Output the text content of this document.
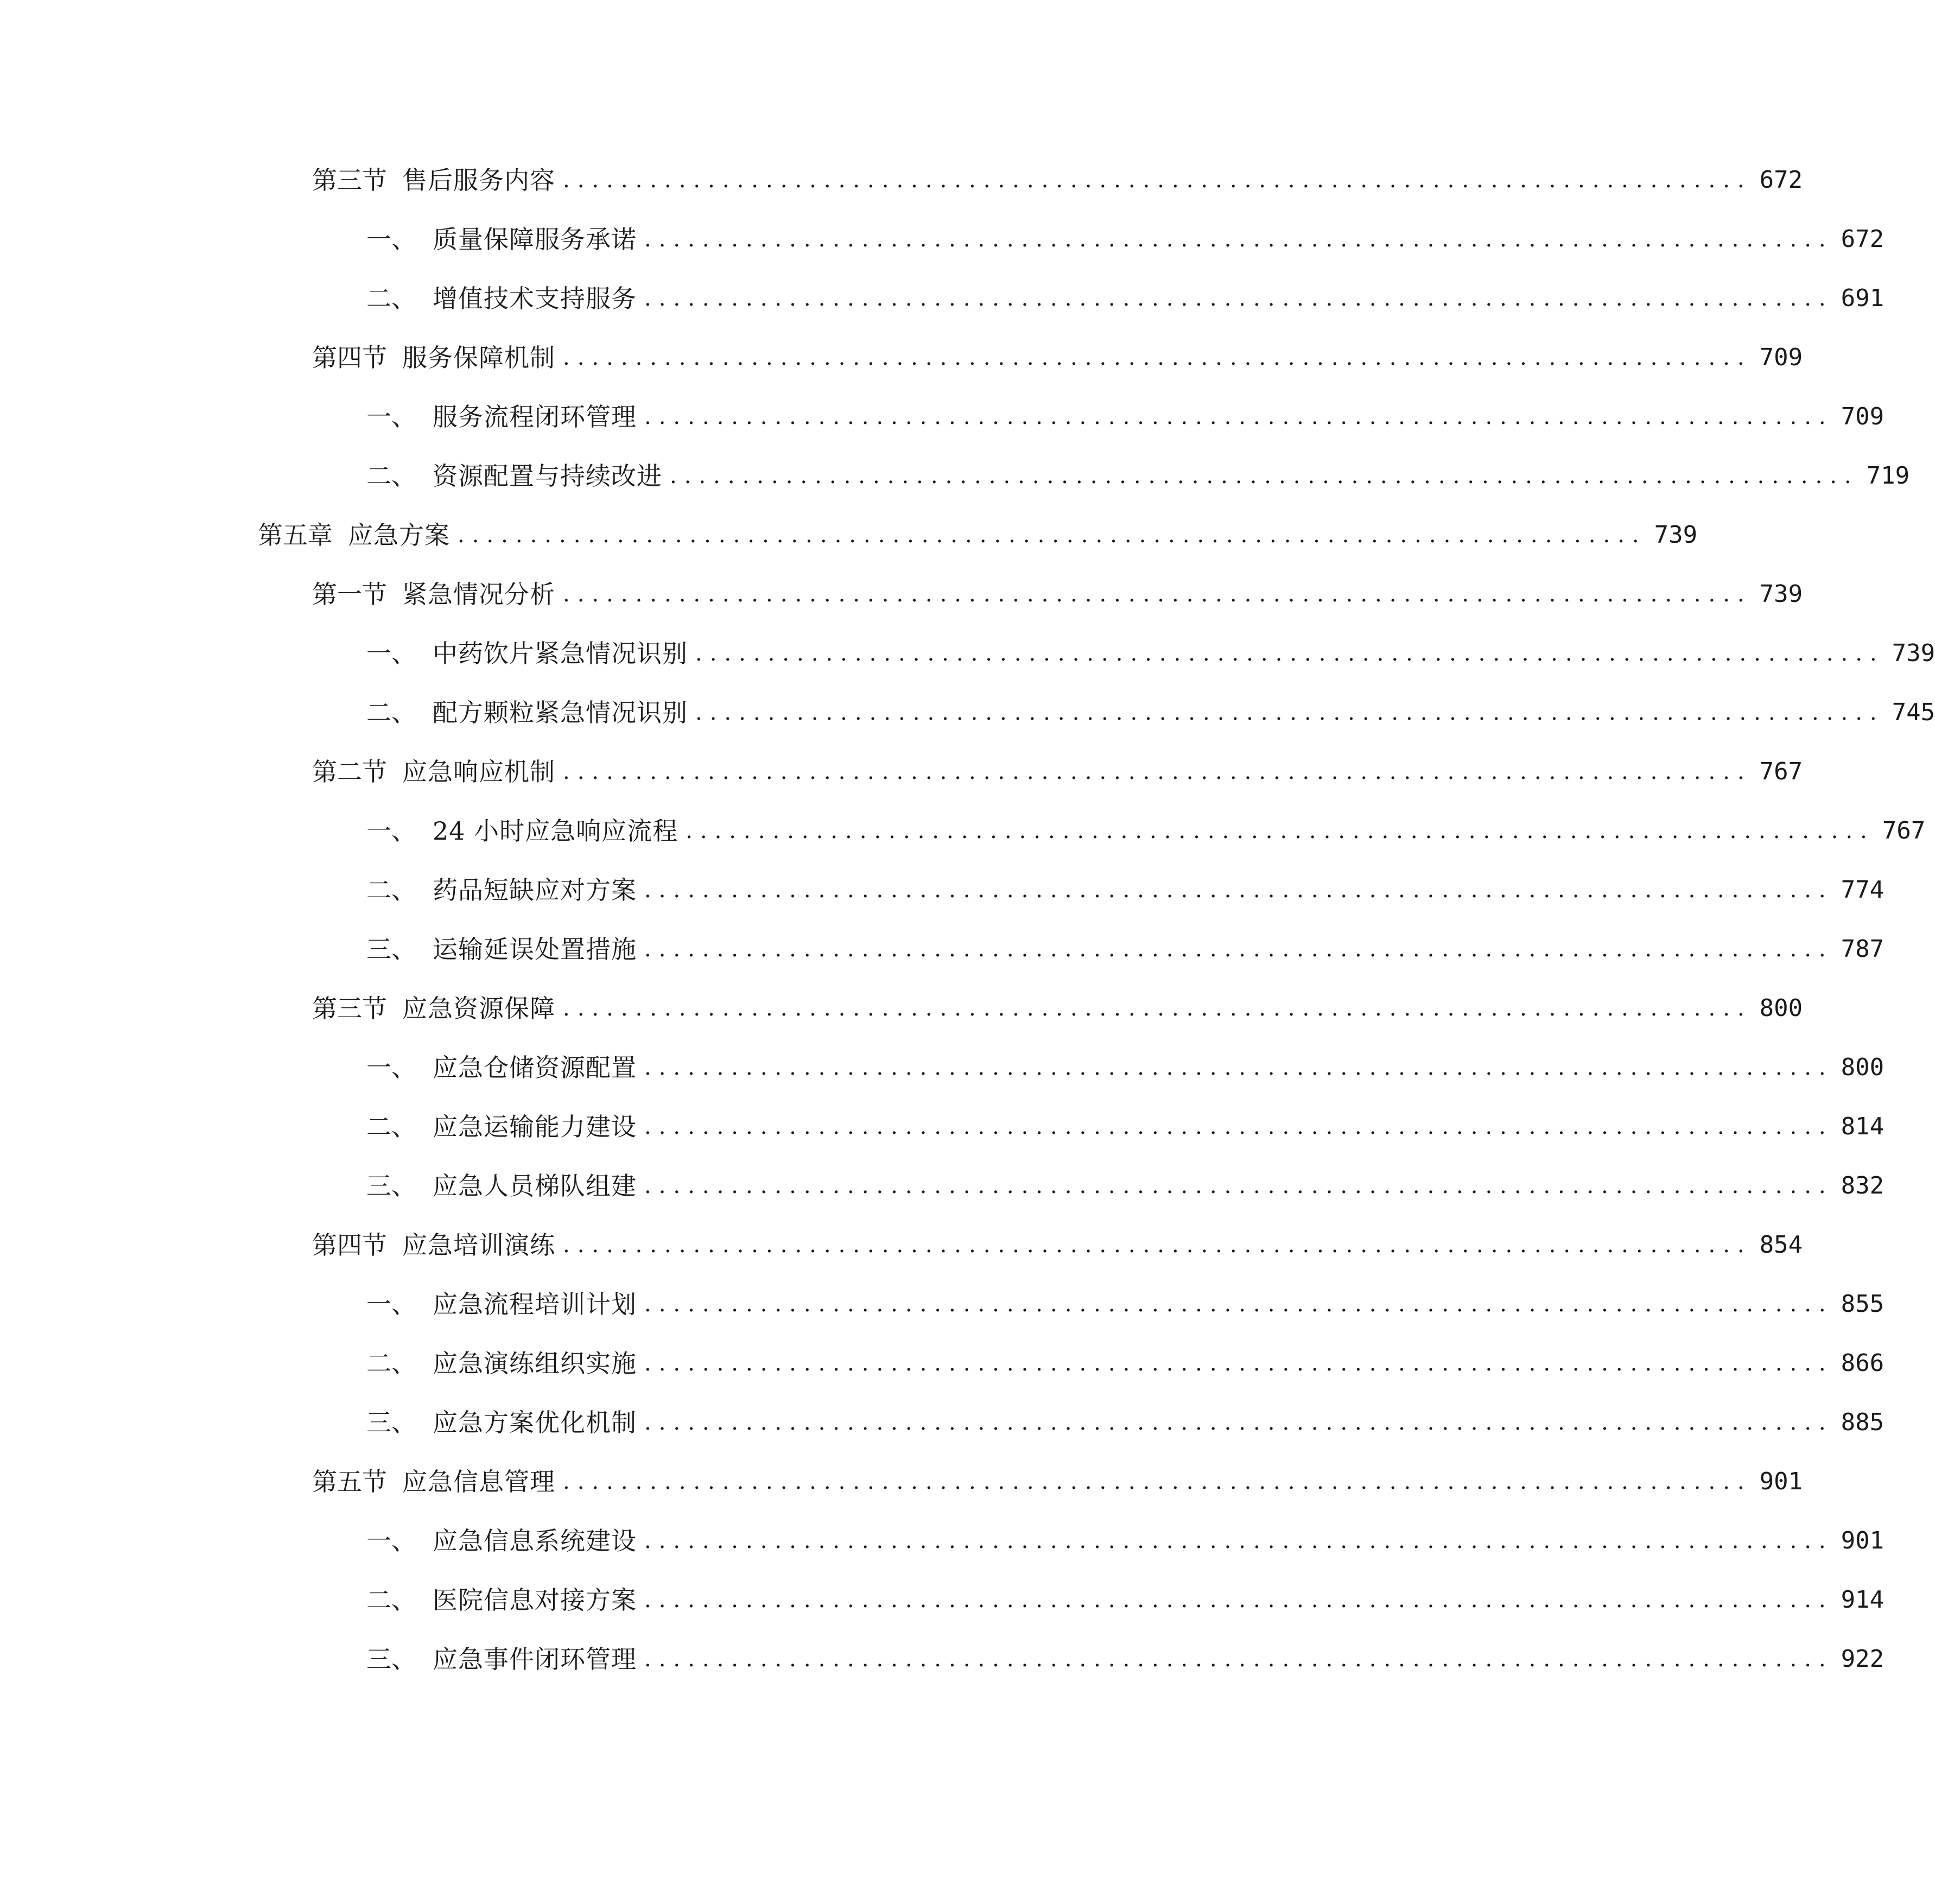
第三节 售后服务内容 .................................................................................. 672
一、 质量保障服务承诺 .................................................................................. 672
二、 增值技术支持服务 .................................................................................. 691
第四节 服务保障机制 .................................................................................. 709
一、 服务流程闭环管理 .................................................................................. 709
二、 资源配置与持续改进 .................................................................................. 719
第五章 应急方案 .................................................................................. 739
第一节 紧急情况分析 .................................................................................. 739
一、 中药饮片紧急情况识别 .................................................................................. 739
二、 配方颗粒紧急情况识别 .................................................................................. 745
第二节 应急响应机制 .................................................................................. 767
一、 24 小时应急响应流程 .................................................................................. 767
二、 药品短缺应对方案 .................................................................................. 774
三、 运输延误处置措施 .................................................................................. 787
第三节 应急资源保障 .................................................................................. 800
一、 应急仓储资源配置 .................................................................................. 800
二、 应急运输能力建设 .................................................................................. 814
三、 应急人员梯队组建 .................................................................................. 832
第四节 应急培训演练 .................................................................................. 854
一、 应急流程培训计划 .................................................................................. 855
二、 应急演练组织实施 .................................................................................. 866
三、 应急方案优化机制 .................................................................................. 885
第五节 应急信息管理 .................................................................................. 901
一、 应急信息系统建设 .................................................................................. 901
二、 医院信息对接方案 .................................................................................. 914
三、 应急事件闭环管理 .................................................................................. 922
